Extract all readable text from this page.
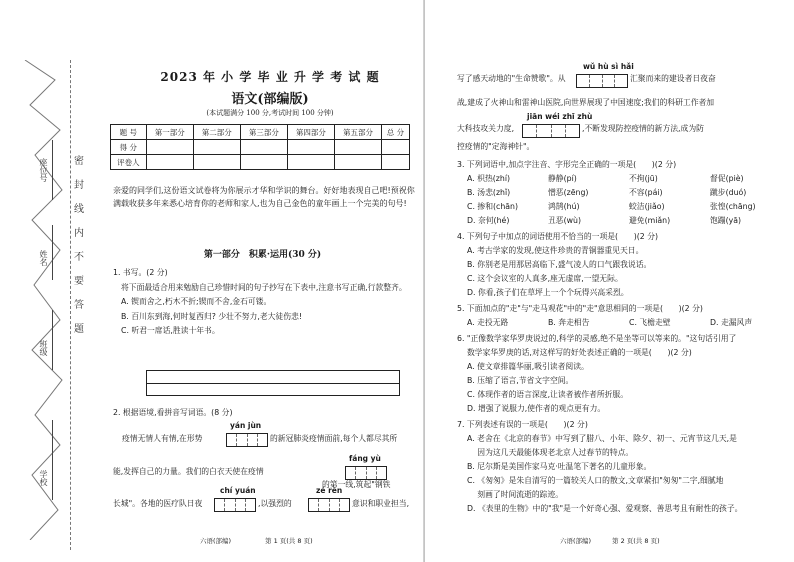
座位号
姓名
班级
学校
密
封
线
内
不
要
答
题
2023 年 小 学 毕 业 升 学 考 试 题
语文(部编版)
(本试题满分 100 分,考试时间 100 分钟)
题 号	第一部分	第二部分	第三部分	第四部分	第五部分	总 分
得 分						
评卷人						
亲爱的同学们,这份语文试卷将为你展示才华和学识的舞台。好好地表现自己吧!预祝你满载收获多年来悉心培育你的老师和家人,也为自己金色的童年画上一个完美的句号!
第一部分　积累·运用(30 分)
1. 书写。(2 分)
将下面最适合用来勉励自己珍惜时间的句子抄写在下表中,注意书写正确,行款整齐。
A. 锲而舍之,朽木不折;锲而不舍,金石可镂。
B. 百川东到海,何时复西归? 少壮不努力,老大徒伤悲!
C. 听君一席话,胜读十年书。
2. 根据语境,看拼音写词语。(8 分)
yán jùn
疫情无情人有情,在形势	的新冠肺炎疫情面前,每个人都尽其所
fáng yù
能,发挥自己的力量。我们的白衣天使在疫情
的第一线,筑起"钢铁
chí yuán	zé rèn
长城"。各地的医疗队日夜	,以强烈的	意识和职业担当,
六语(部编)	第 1 页(共 8 页)
wǔ hù sì hǎi
写了感天动地的"生命赞歌"。从	汇聚而来的建设者日夜奋
战,建成了火神山和雷神山医院,向世界展现了中国速度;我们的科研工作者加
jiān wéi zhī zhù
大科技攻关力度,	,不断发现防控疫情的新方法,成为防
控疫情的"定海神针"。
3. 下列词语中,加点字注音、字形完全正确的一项是(　　)(2 分)
A. 枳热(zhí)	静静(pí)	不拘(jū)	督促(piè)
B. 汤悲(zhǐ)	憎恶(zēng)	不容(pái)	蹴步(duó)
C. 掺和(chān)	鸿鹄(hú)	蛟洁(jiǎo)	张惶(chāng)
D. 奈何(hé)	丑恶(wù)	避免(miǎn)	饱蹦(yā)
4. 下列句子中加点的词语使用不恰当的一项是(　　)(2 分)
A. 考古学家的发现,使这件珍贵的青铜器重见天日。
B. 你别老是用那居高临下,盛气凌人的口气跟我说话。
C. 这个会议室的人真多,座无虚席,一望无际。
D. 你看,孩子们在草坪上一个个玩得兴高采烈。
5. 下面加点的"走"与"走马观花"中的"走"意思相同的一项是(　　)(2 分)
A. 走投无路	B. 奔走相告	C. 飞檐走壁	D. 走漏风声
6. "正像数学家华罗庚说过的,科学的灵感,绝不是坐等可以等来的。"这句话引用了
数学家华罗庚的话,对这样写的好处表述正确的一项是(　　)(2 分)
A. 使文章排篇华丽,吸引读者阅读。
B. 压缩了语言,节省文字空间。
C. 体现作者的语言深度,让读者被作者所折服。
D. 增强了说服力,使作者的观点更有力。
7. 下列表述有误的一项是(　　)(2 分)
A. 老舍在《北京的春节》中写到了腊八、小年、除夕、初一、元宵节这几天,是
　 因为这几天最能体现老北京人过春节的特点。
B. 尼尔斯是美国作家马克·吐温笔下著名的儿童形象。
C. 《匆匆》是朱自清写的一篇较关人口的散文,文章紧扣"匆匆"二字,细腻地
　 刻画了时间流逝的踪迹。
D. 《表里的生物》中的"我"是一个好奇心强、爱观察、善思考且有耐性的孩子。
六语(部编)	第 2 页(共 8 页)
